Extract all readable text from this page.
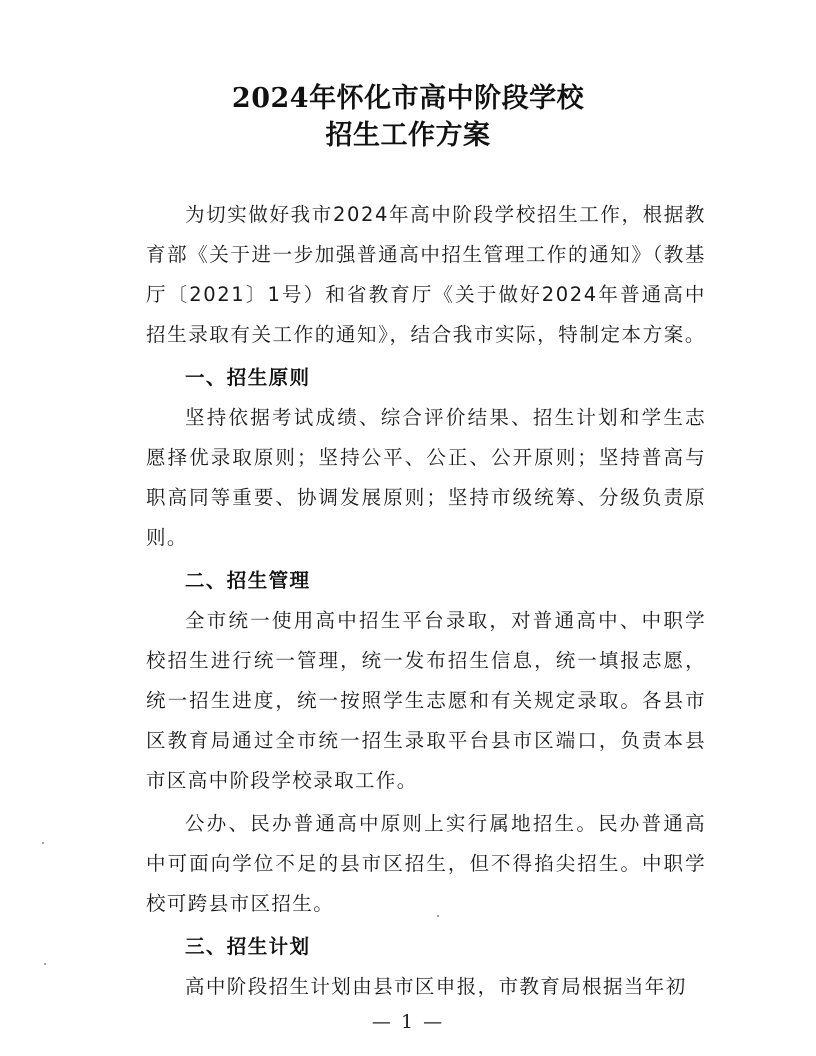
2024年怀化市高中阶段学校
招生工作方案

为切实做好我市2024年高中阶段学校招生工作，根据教育部《关于进一步加强普通高中招生管理工作的通知》（教基厅〔2021〕1号）和省教育厅《关于做好2024年普通高中招生录取有关工作的通知》，结合我市实际，特制定本方案。

一、招生原则

坚持依据考试成绩、综合评价结果、招生计划和学生志愿择优录取原则；坚持公平、公正、公开原则；坚持普高与职高同等重要、协调发展原则；坚持市级统筹、分级负责原则。

二、招生管理

全市统一使用高中招生平台录取，对普通高中、中职学校招生进行统一管理，统一发布招生信息，统一填报志愿，统一招生进度，统一按照学生志愿和有关规定录取。各县市区教育局通过全市统一招生录取平台县市区端口，负责本县市区高中阶段学校录取工作。

公办、民办普通高中原则上实行属地招生。民办普通高中可面向学位不足的县市区招生，但不得掐尖招生。中职学校可跨县市区招生。

三、招生计划

高中阶段招生计划由县市区申报，市教育局根据当年初

— 1 —
